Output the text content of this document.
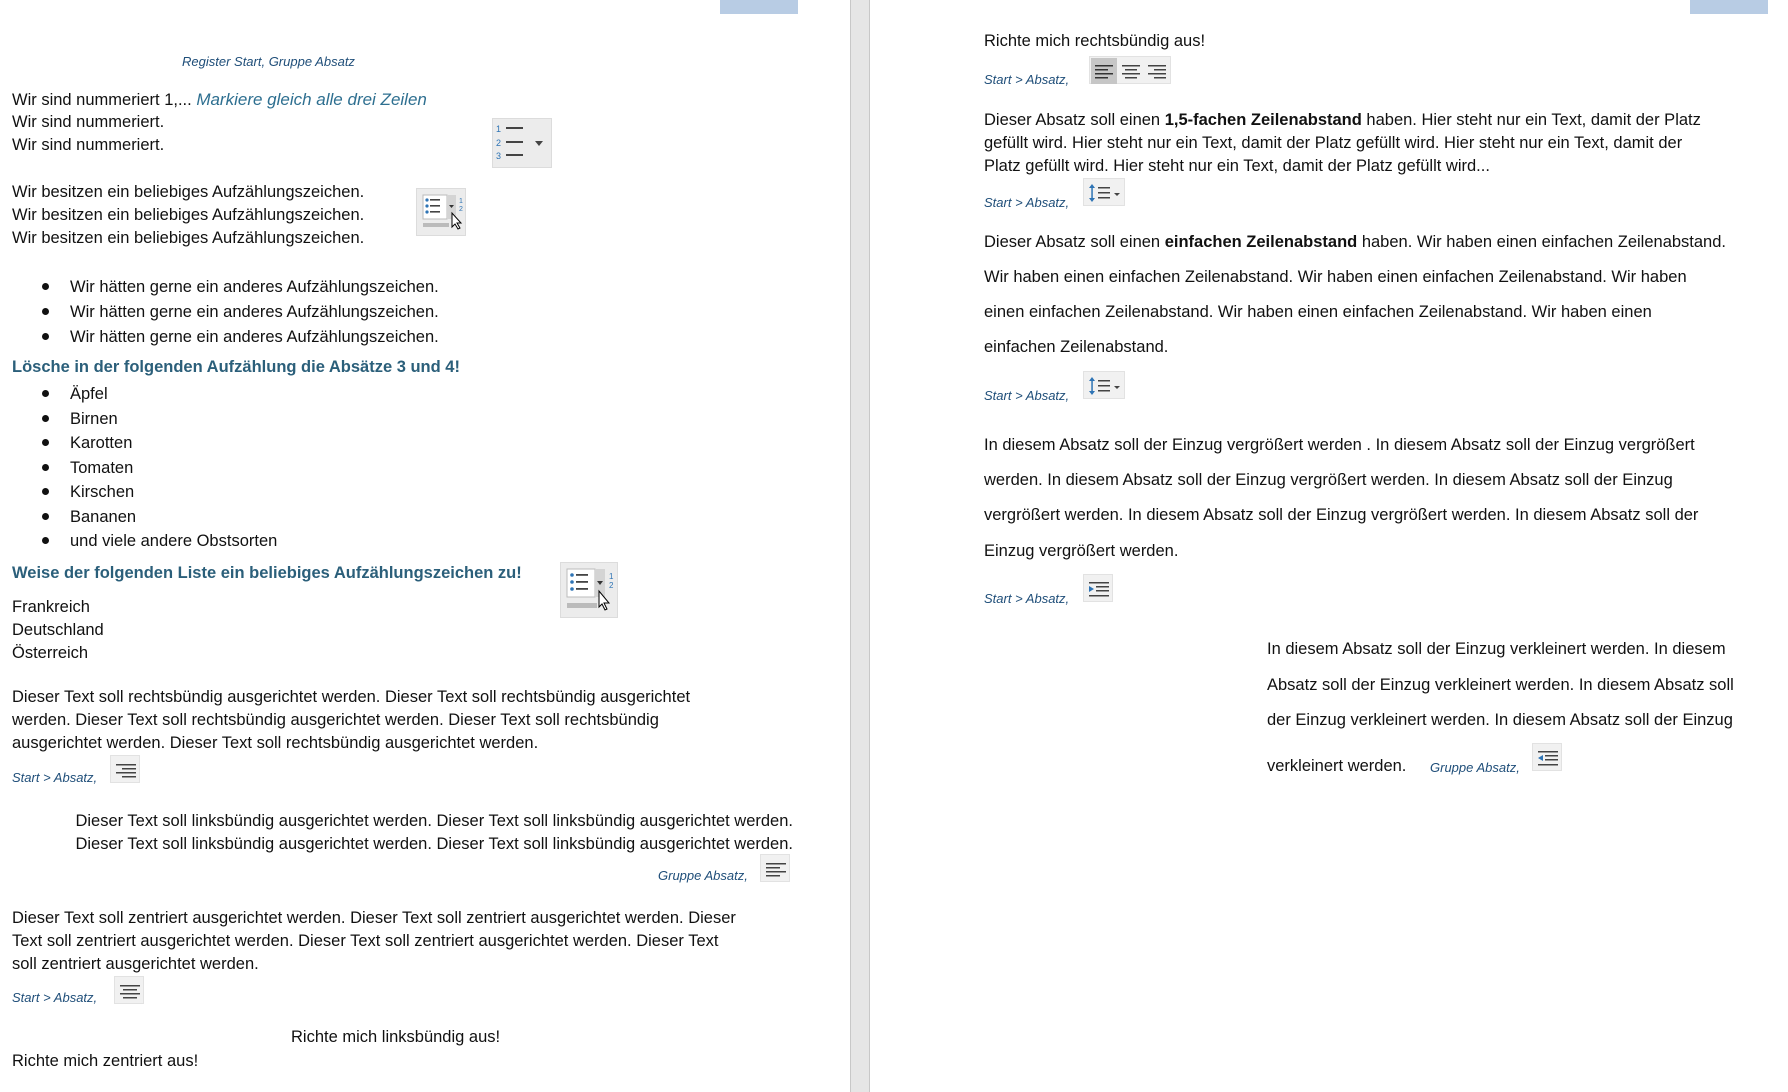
Register Start, Gruppe Absatz
Wir sind nummeriert 1,... Markiere gleich alle drei Zeilen
Wir sind nummeriert.
Wir sind nummeriert.
1
2
3
Wir besitzen ein beliebiges Aufzählungszeichen.
Wir besitzen ein beliebiges Aufzählungszeichen.
Wir besitzen ein beliebiges Aufzählungszeichen.
1
2
Wir hätten gerne ein anderes Aufzählungszeichen.
Wir hätten gerne ein anderes Aufzählungszeichen.
Wir hätten gerne ein anderes Aufzählungszeichen.
Lösche in der folgenden Aufzählung die Absätze 3 und 4!
Äpfel
Birnen
Karotten
Tomaten
Kirschen
Bananen
und viele andere Obstsorten
Weise der folgenden Liste ein beliebiges Aufzählungszeichen zu!	1
2
Frankreich
Deutschland
Österreich
Dieser Text soll rechtsbündig ausgerichtet werden. Dieser Text soll rechtsbündig ausgerichtet
werden. Dieser Text soll rechtsbündig ausgerichtet werden. Dieser Text soll rechtsbündig
ausgerichtet werden. Dieser Text soll rechtsbündig ausgerichtet werden.
Start > Absatz,
Dieser Text soll linksbündig ausgerichtet werden. Dieser Text soll linksbündig ausgerichtet werden.
Dieser Text soll linksbündig ausgerichtet werden. Dieser Text soll linksbündig ausgerichtet werden.
Gruppe Absatz,
Dieser Text soll zentriert ausgerichtet werden. Dieser Text soll zentriert ausgerichtet werden. Dieser
Text soll zentriert ausgerichtet werden. Dieser Text soll zentriert ausgerichtet werden. Dieser Text
soll zentriert ausgerichtet werden.
Start > Absatz,
Richte mich linksbündig aus!
Richte mich zentriert aus!
Richte mich rechtsbündig aus!
Start > Absatz,
Dieser Absatz soll einen 1,5-fachen Zeilenabstand haben. Hier steht nur ein Text, damit der Platz
gefüllt wird. Hier steht nur ein Text, damit der Platz gefüllt wird. Hier steht nur ein Text, damit der
Platz gefüllt wird. Hier steht nur ein Text, damit der Platz gefüllt wird...
Start > Absatz,
Dieser Absatz soll einen einfachen Zeilenabstand haben. Wir haben einen einfachen Zeilenabstand.
Wir haben einen einfachen Zeilenabstand. Wir haben einen einfachen Zeilenabstand. Wir haben
einen einfachen Zeilenabstand. Wir haben einen einfachen Zeilenabstand. Wir haben einen
einfachen Zeilenabstand.
Start > Absatz,
In diesem Absatz soll der Einzug vergrößert werden . In diesem Absatz soll der Einzug vergrößert
werden. In diesem Absatz soll der Einzug vergrößert werden. In diesem Absatz soll der Einzug
vergrößert werden. In diesem Absatz soll der Einzug vergrößert werden. In diesem Absatz soll der
Einzug vergrößert werden.
Start > Absatz,
In diesem Absatz soll der Einzug verkleinert werden. In diesem
Absatz soll der Einzug verkleinert werden. In diesem Absatz soll
der Einzug verkleinert werden. In diesem Absatz soll der Einzug
verkleinert werden. Gruppe Absatz,
